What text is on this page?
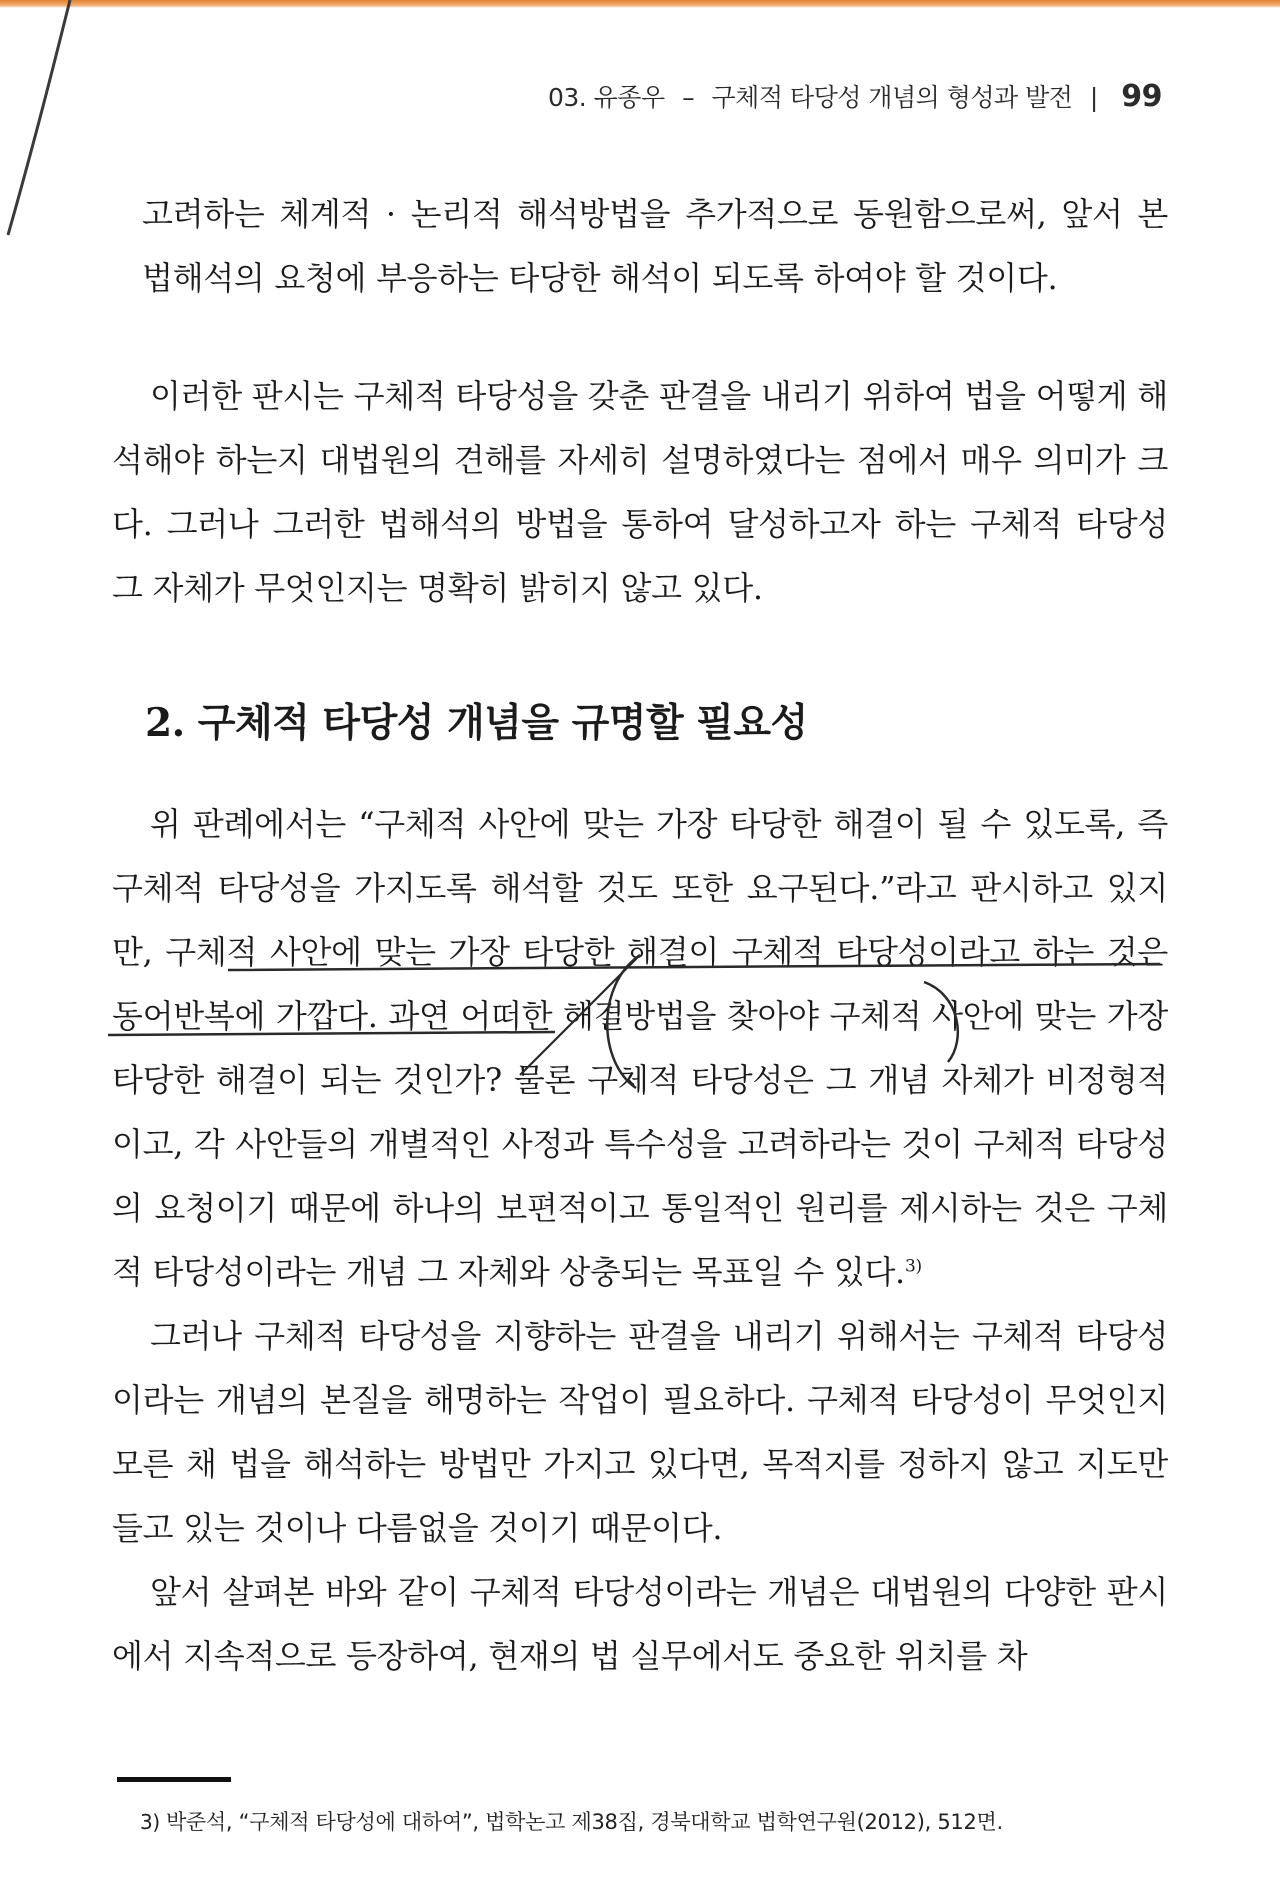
03. 유종우 – 구체적 타당성 개념의 형성과 발전 | 99

고려하는 체계적 · 논리적 해석방법을 추가적으로 동원함으로써, 앞서 본 법해석의 요청에 부응하는 타당한 해석이 되도록 하여야 할 것이다.

이러한 판시는 구체적 타당성을 갖춘 판결을 내리기 위하여 법을 어떻게 해석해야 하는지 대법원의 견해를 자세히 설명하였다는 점에서 매우 의미가 크다. 그러나 그러한 법해석의 방법을 통하여 달성하고자 하는 구체적 타당성 그 자체가 무엇인지는 명확히 밝히지 않고 있다.

2. 구체적 타당성 개념을 규명할 필요성

위 판례에서는 “구체적 사안에 맞는 가장 타당한 해결이 될 수 있도록, 즉 구체적 타당성을 가지도록 해석할 것도 또한 요구된다.”라고 판시하고 있지만, 구체적 사안에 맞는 가장 타당한 해결이 구체적 타당성이라고 하는 것은 동어반복에 가깝다. 과연 어떠한 해결방법을 찾아야 구체적 사안에 맞는 가장 타당한 해결이 되는 것인가? 물론 구체적 타당성은 그 개념 자체가 비정형적이고, 각 사안들의 개별적인 사정과 특수성을 고려하라는 것이 구체적 타당성의 요청이기 때문에 하나의 보편적이고 통일적인 원리를 제시하는 것은 구체적 타당성이라는 개념 그 자체와 상충되는 목표일 수 있다.$^{3)}$

그러나 구체적 타당성을 지향하는 판결을 내리기 위해서는 구체적 타당성이라는 개념의 본질을 해명하는 작업이 필요하다. 구체적 타당성이 무엇인지 모른 채 법을 해석하는 방법만 가지고 있다면, 목적지를 정하지 않고 지도만 들고 있는 것이나 다름없을 것이기 때문이다.

앞서 살펴본 바와 같이 구체적 타당성이라는 개념은 대법원의 다양한 판시에서 지속적으로 등장하여, 현재의 법 실무에서도 중요한 위치를 차

3) 박준석, “구체적 타당성에 대하여”, 법학논고 제38집, 경북대학교 법학연구원(2012), 512면.
